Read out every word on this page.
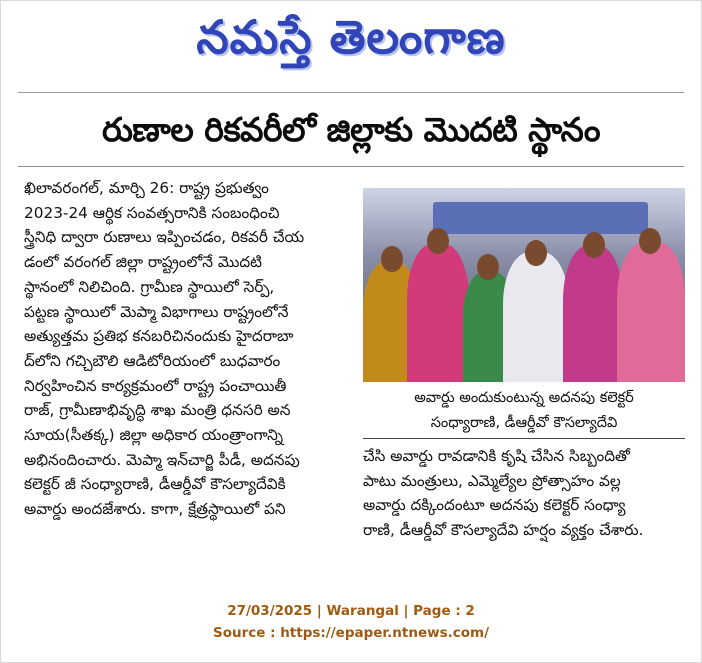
నమస్తే తెలంగాణ
రుణాల రికవరీలో జిల్లాకు మొదటి స్థానం

ఖిలావరంగల్, మార్చి 26: రాష్ట్ర ప్రభుత్వం

2023-24 ఆర్థిక సంవత్సరానికి సంబంధించి

స్త్రీనిధి ద్వారా రుణాలు ఇప్పించడం, రికవరీ చేయ

డంలో వరంగల్ జిల్లా రాష్ట్రంలోనే మొదటి

స్థానంలో నిలిచింది. గ్రామీణ స్థాయిలో సెర్ప్,

పట్టణ స్థాయిలో మెప్మా విభాగాలు రాష్ట్రంలోనే

అత్యుత్తమ ప్రతిభ కనబరిచినందుకు హైదరాబా

ద్‌లోని గచ్చిబౌలి ఆడిటోరియంలో బుధవారం

నిర్వహించిన కార్యక్రమంలో రాష్ట్ర పంచాయితీ

రాజ్, గ్రామీణాభివృద్ధి శాఖ మంత్రి ధనసరి అన

సూయ(సీతక్క) జిల్లా అధికార యంత్రాంగాన్ని

అభినందించారు. మెప్మా ఇన్‌చార్జి పీడీ, అదనపు

కలెక్టర్ జీ సంధ్యారాణి, డీఆర్డీవో కౌసల్యాదేవికి

అవార్డు అందజేశారు. కాగా, క్షేత్రస్థాయిలో పని

అవార్డు అందుకుంటున్న అదనపు కలెక్టర్
సంధ్యారాణి, డీఆర్డీవో కౌసల్యాదేవి

చేసి అవార్డు రావడానికి కృషి చేసిన సిబ్బందితో

పాటు మంత్రులు, ఎమ్మెల్యేల ప్రోత్సాహం వల్ల

అవార్డు దక్కిందంటూ అదనపు కలెక్టర్ సంధ్యా

రాణి, డీఆర్డీవో కౌసల్యాదేవి హర్షం వ్యక్తం చేశారు.

27/03/2025 | Warangal | Page : 2
Source : https://epaper.ntnews.com/
